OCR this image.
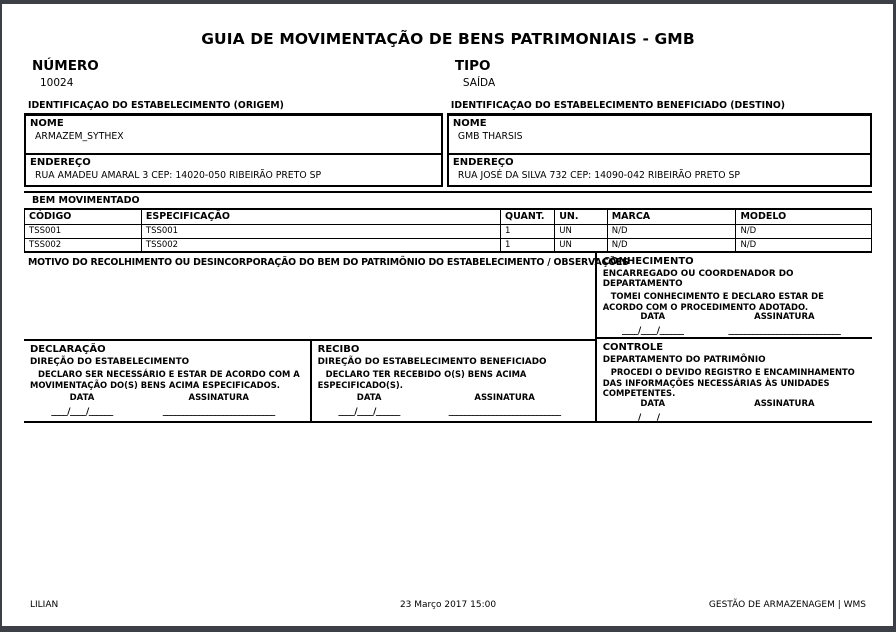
GUIA DE MOVIMENTAÇÃO DE BENS PATRIMONIAIS - GMB
NÚMERO
10024
TIPO
SAÍDA
IDENTIFICAÇÃO DO ESTABELECIMENTO (ORIGEM)	IDENTIFICAÇÃO DO ESTABELECIMENTO BENEFICIADO (DESTINO)
NOME
ARMAZEM_SYTHEX
ENDEREÇO
RUA AMADEU AMARAL 3 CEP: 14020-050 RIBEIRÃO PRETO SP
NOME
GMB THARSIS
ENDEREÇO
RUA JOSÉ DA SILVA 732 CEP: 14090-042 RIBEIRÃO PRETO SP
BEM MOVIMENTADO
CÓDIGO	ESPECIFICAÇÃO	QUANT.	UN.	MARCA	MODELO
TSS001	TSS001	1	UN	N/D	N/D
TSS002	TSS002	1	UN	N/D	N/D
MOTIVO DO RECOLHIMENTO OU DESINCORPORAÇÃO DO BEM DO PATRIMÔNIO DO ESTABELECIMENTO / OBSERVAÇÕES
DECLARAÇÃO
DIREÇÃO DO ESTABELECIMENTO
DECLARO SER NECESSÁRIO E ESTAR DE ACORDO COM A MOVIMENTAÇÃO DO(S) BENS ACIMA ESPECIFICADOS.
DATA
____/____/______
ASSINATURA
____________________________
RECIBO
DIREÇÃO DO ESTABELECIMENTO BENEFICIADO
DECLARO TER RECEBIDO O(S) BENS ACIMA ESPECIFICADO(S).
DATA
____/____/______
ASSINATURA
____________________________
CONHECIMENTO
ENCARREGADO OU COORDENADOR DO DEPARTAMENTO
TOMEI CONHECIMENTO E DECLARO ESTAR DE ACORDO COM O PROCEDIMENTO ADOTADO.
DATA
____/____/______
ASSINATURA
____________________________
CONTROLE
DEPARTAMENTO DO PATRIMÔNIO
PROCEDI O DEVIDO REGISTRO E ENCAMINHAMENTO DAS INFORMAÇÕES NECESSÁRIAS ÀS UNIDADES COMPETENTES.
DATA
____/____/______
ASSINATURA
____________________________
LILIAN	23 Março 2017 15:00	GESTÃO DE ARMAZENAGEM | WMS
